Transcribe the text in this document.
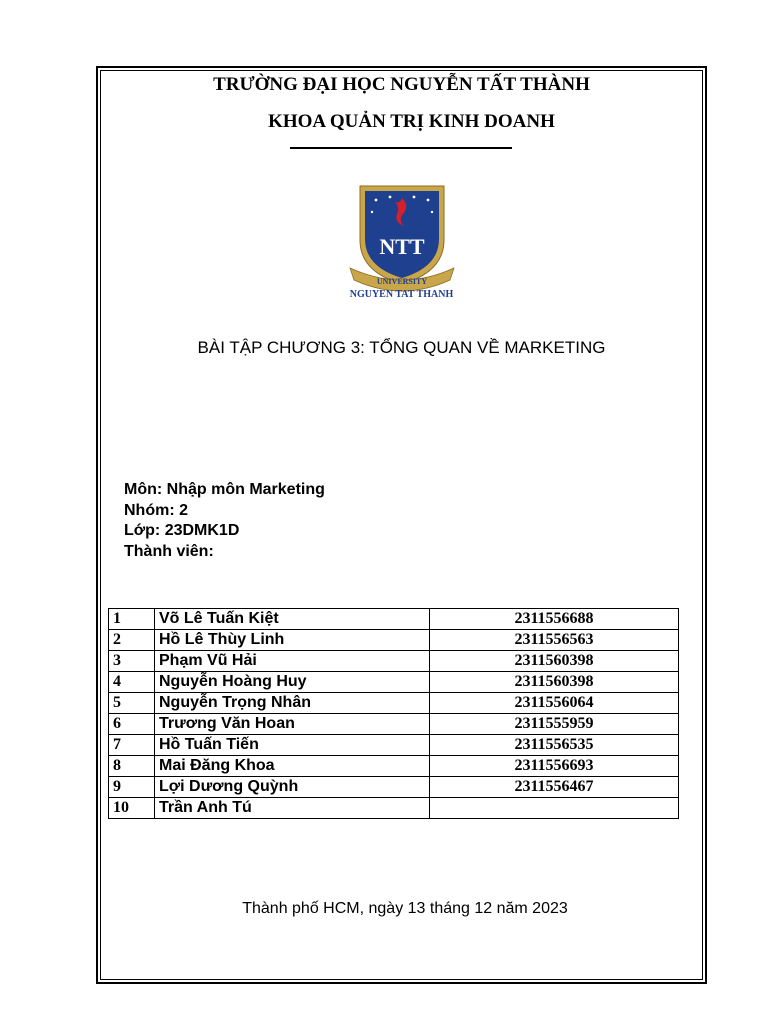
TRƯỜNG ĐẠI HỌC NGUYỄN TẤT THÀNH
KHOA QUẢN TRỊ KINH DOANH
NTT
UNIVERSITY
NGUYEN TAT THANH
BÀI TẬP CHƯƠNG 3: TỔNG QUAN VỀ MARKETING
Môn: Nhập môn Marketing
Nhóm: 2
Lớp: 23DMK1D
Thành viên:
1	Võ Lê Tuấn Kiệt	2311556688
2	Hồ Lê Thùy Linh	2311556563
3	Phạm Vũ Hải	2311560398
4	Nguyễn Hoàng Huy	2311560398
5	Nguyễn Trọng Nhân	2311556064
6	Trương Văn Hoan	2311555959
7	Hồ Tuấn Tiến	2311556535
8	Mai Đăng Khoa	2311556693
9	Lợi Dương Quỳnh	2311556467
10	Trần Anh Tú	
Thành phố HCM, ngày 13 tháng 12 năm 2023
